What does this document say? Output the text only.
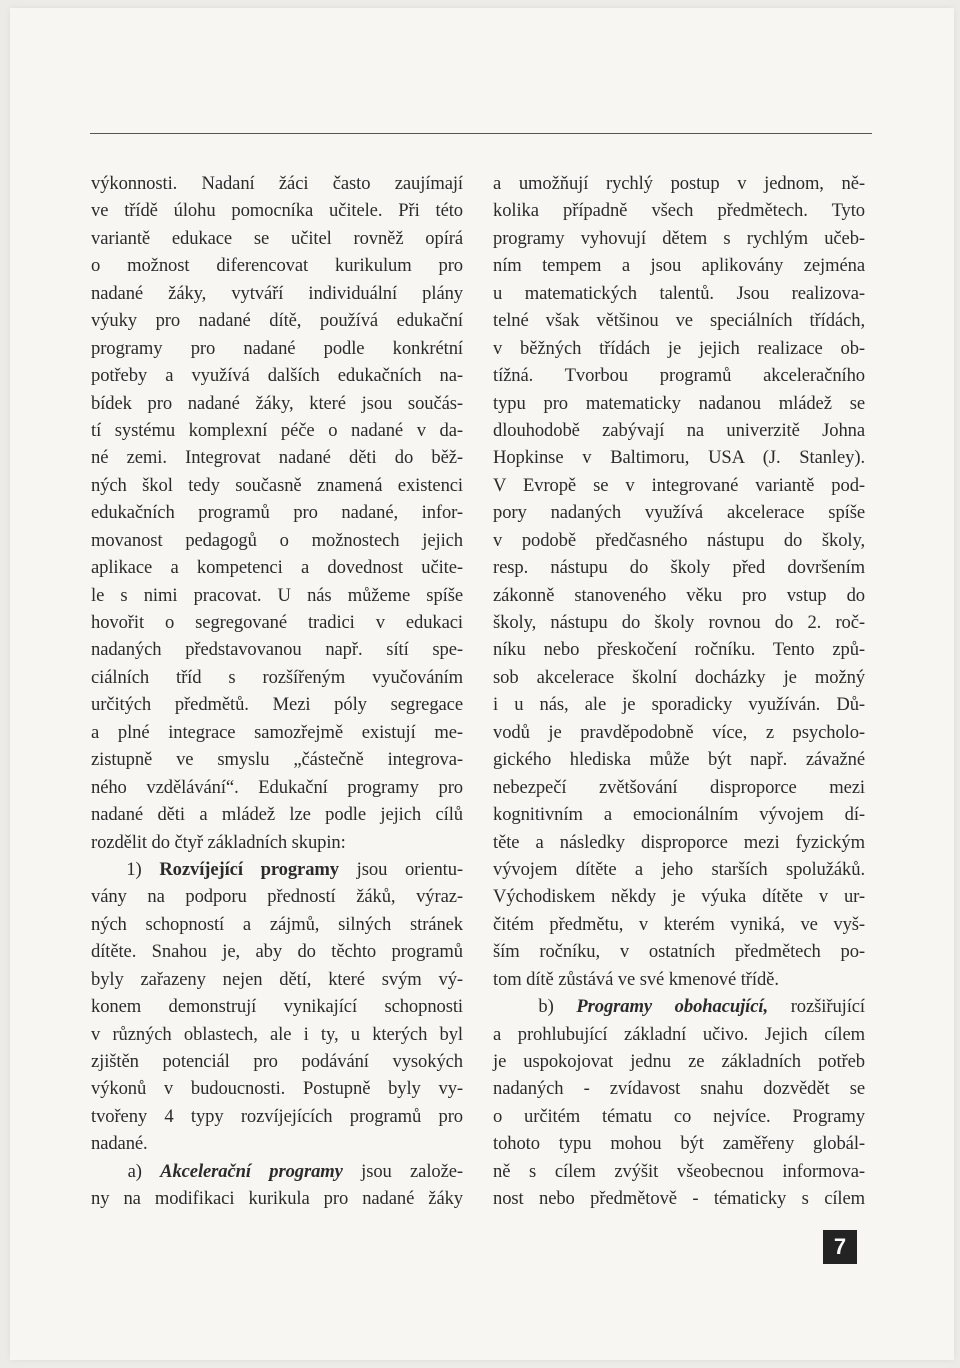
výkonnosti. Nadaní žáci často zaujímají
ve třídě úlohu pomocníka učitele. Při této
variantě edukace se učitel rovněž opírá
o možnost diferencovat kurikulum pro
nadané žáky, vytváří individuální plány
výuky pro nadané dítě, používá edukační
programy pro nadané podle konkrétní
potřeby a využívá dalších edukačních na-
bídek pro nadané žáky, které jsou součás-
tí systému komplexní péče o nadané v da-
né zemi. Integrovat nadané děti do běž-
ných škol tedy současně znamená existenci
edukačních programů pro nadané, infor-
movanost pedagogů o možnostech jejich
aplikace a kompetenci a dovednost učite-
le s nimi pracovat. U nás můžeme spíše
hovořit o segregované tradici v edukaci
nadaných představovanou např. sítí spe-
ciálních tříd s rozšířeným vyučováním
určitých předmětů. Mezi póly segregace
a plné integrace samozřejmě existují me-
zistupně ve smyslu „částečně integrova-
ného vzdělávání“. Edukační programy pro
nadané děti a mládež lze podle jejich cílů
rozdělit do čtyř základních skupin:
1) Rozvíjející programy jsou orientu-
vány na podporu předností žáků, výraz-
ných schopností a zájmů, silných stránek
dítěte. Snahou je, aby do těchto programů
byly zařazeny nejen dětí, které svým vý-
konem demonstrují vynikající schopnosti
v různých oblastech, ale i ty, u kterých byl
zjištěn potenciál pro podávání vysokých
výkonů v budoucnosti. Postupně byly vy-
tvořeny 4 typy rozvíjejících programů pro
nadané.
a) Akcelerační programy jsou založe-
ny na modifikaci kurikula pro nadané žáky
a umožňují rychlý postup v jednom, ně-
kolika případně všech předmětech. Tyto
programy vyhovují dětem s rychlým učeb-
ním tempem a jsou aplikovány zejména
u matematických talentů. Jsou realizova-
telné však většinou ve speciálních třídách,
v běžných třídách je jejich realizace ob-
tížná. Tvorbou programů akceleračního
typu pro matematicky nadanou mládež se
dlouhodobě zabývají na univerzitě Johna
Hopkinse v Baltimoru, USA (J. Stanley).
V Evropě se v integrované variantě pod-
pory nadaných využívá akcelerace spíše
v podobě předčasného nástupu do školy,
resp. nástupu do školy před dovršením
zákonně stanoveného věku pro vstup do
školy, nástupu do školy rovnou do 2. roč-
níku nebo přeskočení ročníku. Tento způ-
sob akcelerace školní docházky je možný
i u nás, ale je sporadicky využíván. Dů-
vodů je pravděpodobně více, z psycholo-
gického hlediska může být např. závažné
nebezpečí zvětšování disproporce mezi
kognitivním a emocionálním vývojem dí-
těte a následky disproporce mezi fyzickým
vývojem dítěte a jeho starších spolužáků.
Východiskem někdy je výuka dítěte v ur-
čitém předmětu, v kterém vyniká, ve vyš-
ším ročníku, v ostatních předmětech po-
tom dítě zůstává ve své kmenové třídě.
b) Programy obohacující, rozšiřující
a prohlubující základní učivo. Jejich cílem
je uspokojovat jednu ze základních potřeb
nadaných - zvídavost snahu dozvědět se
o určitém tématu co nejvíce. Programy
tohoto typu mohou být zaměřeny globál-
ně s cílem zvýšit všeobecnou informova-
nost nebo předmětově - tématicky s cílem
7
